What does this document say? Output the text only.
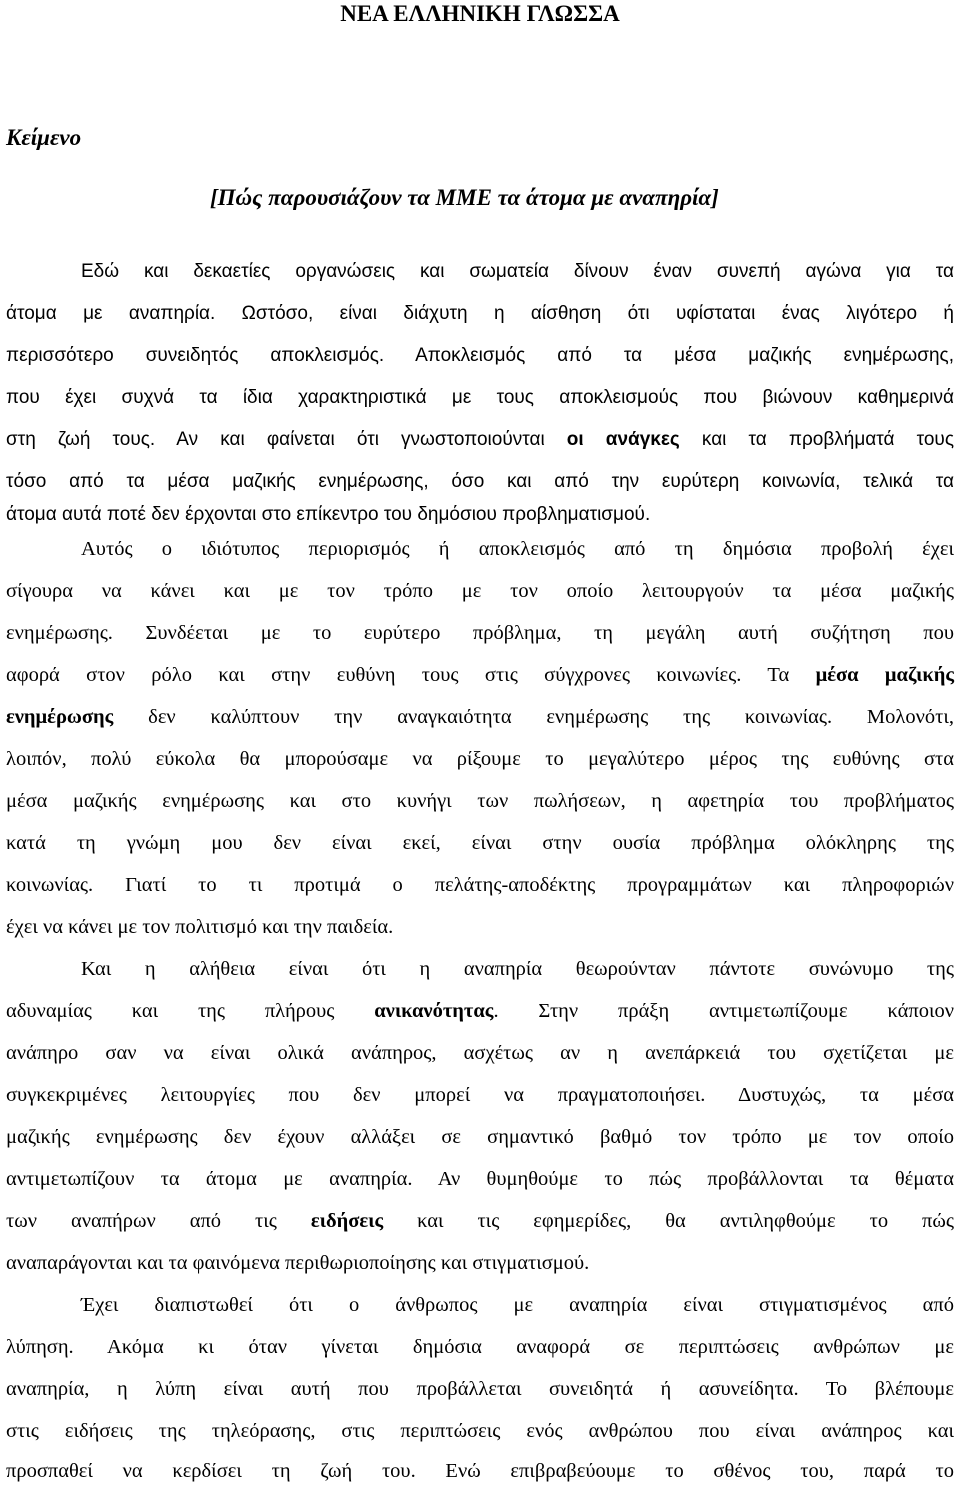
ΝΕΑ ΕΛΛΗΝΙΚΗ ΓΛΩΣΣΑ
Κείμενο
[Πώς παρουσιάζουν τα ΜΜΕ τα άτομα με αναπηρία]
Εδώ και δεκαετίες οργανώσεις και σωματεία δίνουν έναν συνεπή αγώνα για τα
άτομα με αναπηρία. Ωστόσο, είναι διάχυτη η αίσθηση ότι υφίσταται ένας λιγότερο ή
περισσότερο συνειδητός αποκλεισμός. Αποκλεισμός από τα μέσα μαζικής ενημέρωσης,
που έχει συχνά τα ίδια χαρακτηριστικά με τους αποκλεισμούς που βιώνουν καθημερινά
στη ζωή τους. Αν και φαίνεται ότι γνωστοποιούνται οι ανάγκες και τα προβλήματά τους
τόσο από τα μέσα μαζικής ενημέρωσης, όσο και από την ευρύτερη κοινωνία, τελικά τα
άτομα αυτά ποτέ δεν έρχονται στο επίκεντρο του δημόσιου προβληματισμού.
Αυτός ο ιδιότυπος περιορισμός ή αποκλεισμός από τη δημόσια προβολή έχει
σίγουρα να κάνει και με τον τρόπο με τον οποίο λειτουργούν τα μέσα μαζικής
ενημέρωσης. Συνδέεται με το ευρύτερο πρόβλημα, τη μεγάλη αυτή συζήτηση που
αφορά στον ρόλο και στην ευθύνη τους στις σύγχρονες κοινωνίες. Τα μέσα μαζικής
ενημέρωσης δεν καλύπτουν την αναγκαιότητα ενημέρωσης της κοινωνίας. Μολονότι,
λοιπόν, πολύ εύκολα θα μπορούσαμε να ρίξουμε το μεγαλύτερο μέρος της ευθύνης στα
μέσα μαζικής ενημέρωσης και στο κυνήγι των πωλήσεων, η αφετηρία του προβλήματος
κατά τη γνώμη μου δεν είναι εκεί, είναι στην ουσία πρόβλημα ολόκληρης της
κοινωνίας. Γιατί το τι προτιμά ο πελάτης-αποδέκτης προγραμμάτων και πληροφοριών
έχει να κάνει με τον πολιτισμό και την παιδεία.
Και η αλήθεια είναι ότι η αναπηρία θεωρούνταν πάντοτε συνώνυμο της
αδυναμίας και της πλήρους ανικανότητας. Στην πράξη αντιμετωπίζουμε κάποιον
ανάπηρο σαν να είναι ολικά ανάπηρος, ασχέτως αν η ανεπάρκειά του σχετίζεται με
συγκεκριμένες λειτουργίες που δεν μπορεί να πραγματοποιήσει. Δυστυχώς, τα μέσα
μαζικής ενημέρωσης δεν έχουν αλλάξει σε σημαντικό βαθμό τον τρόπο με τον οποίο
αντιμετωπίζουν τα άτομα με αναπηρία. Αν θυμηθούμε το πώς προβάλλονται τα θέματα
των αναπήρων από τις ειδήσεις και τις εφημερίδες, θα αντιληφθούμε το πώς
αναπαράγονται και τα φαινόμενα περιθωριοποίησης και στιγματισμού.
Έχει διαπιστωθεί ότι ο άνθρωπος με αναπηρία είναι στιγματισμένος από
λύπηση. Ακόμα κι όταν γίνεται δημόσια αναφορά σε περιπτώσεις ανθρώπων με
αναπηρία, η λύπη είναι αυτή που προβάλλεται συνειδητά ή ασυνείδητα. Το βλέπουμε
στις ειδήσεις της τηλεόρασης, στις περιπτώσεις ενός ανθρώπου που είναι ανάπηρος και
προσπαθεί να κερδίσει τη ζωή του. Ενώ επιβραβεύουμε το σθένος του, παρά το
